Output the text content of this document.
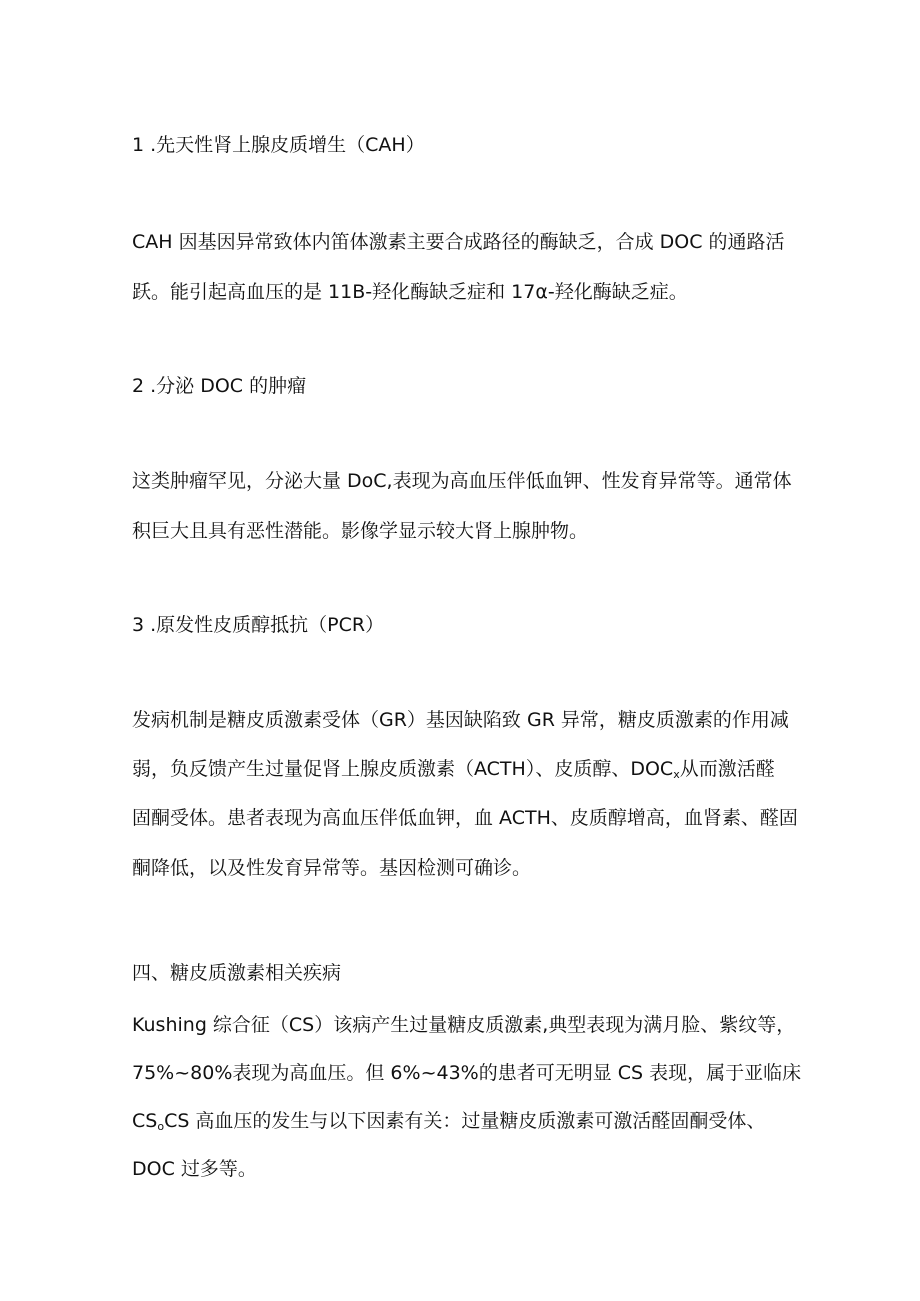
1 .先天性肾上腺皮质增生（CAH）

CAH 因基因异常致体内笛体激素主要合成路径的酶缺乏，合成 DOC 的通路活

跃。能引起高血压的是 11B-羟化酶缺乏症和 17α-羟化酶缺乏症。

2 .分泌 DOC 的肿瘤

这类肿瘤罕见，分泌大量 DoC,表现为高血压伴低血钾、性发育异常等。通常体

积巨大且具有恶性潜能。影像学显示较大肾上腺肿物。

3 .原发性皮质醇抵抗（PCR）

发病机制是糖皮质激素受体（GR）基因缺陷致 GR 异常，糖皮质激素的作用减

弱，负反馈产生过量促肾上腺皮质激素（ACTH）、皮质醇、$DOC_x$从而激活醛

固酮受体。患者表现为高血压伴低血钾，血 ACTH、皮质醇增高，血肾素、醛固

酮降低，以及性发育异常等。基因检测可确诊。

四、糖皮质激素相关疾病

Kushing 综合征（CS）该病产生过量糖皮质激素,典型表现为满月脸、紫纹等，

75%~80%表现为高血压。但 6%~43%的患者可无明显 CS 表现，属于亚临床

$CS_oCS$ 高血压的发生与以下因素有关：过量糖皮质激素可激活醛固酮受体、

DOC 过多等。
